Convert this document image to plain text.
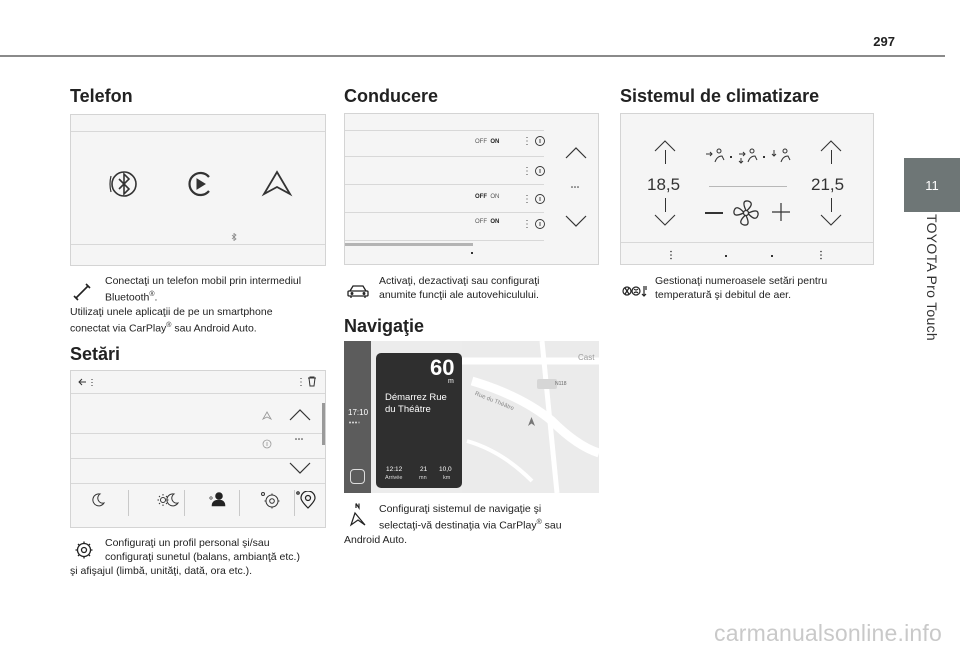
297
11
TOYOTA Pro Touch
Telefon
Conectaţi un telefon mobil prin intermediul
Bluetooth®.
Utilizaţi unele aplicaţii de pe un smartphone
conectat via CarPlay® sau Android Auto.
Setări
Configuraţi un profil personal şi/sau
configuraţi sunetul (balans, ambianţă etc.)
şi afişajul (limbă, unităţi, dată, ora etc.).
Conducere
OFF ON
OFF ON
OFF ON
Activaţi, dezactivaţi sau configuraţi
anumite funcţii ale autovehiculului.
Navigaţie
17:10
Cast
Rue du Théâtre
N118
60
m
Démarrez Rue
du Théâtre
12:12
Arrivée
21
mn
10,0
km
Configuraţi sistemul de navigaţie şi
selectaţi-vă destinaţia via CarPlay® sau
Android Auto.
Sistemul de climatizare
18,5	21,5
Gestionaţi numeroasele setări pentru
temperatură şi debitul de aer.
carmanualsonline.info
